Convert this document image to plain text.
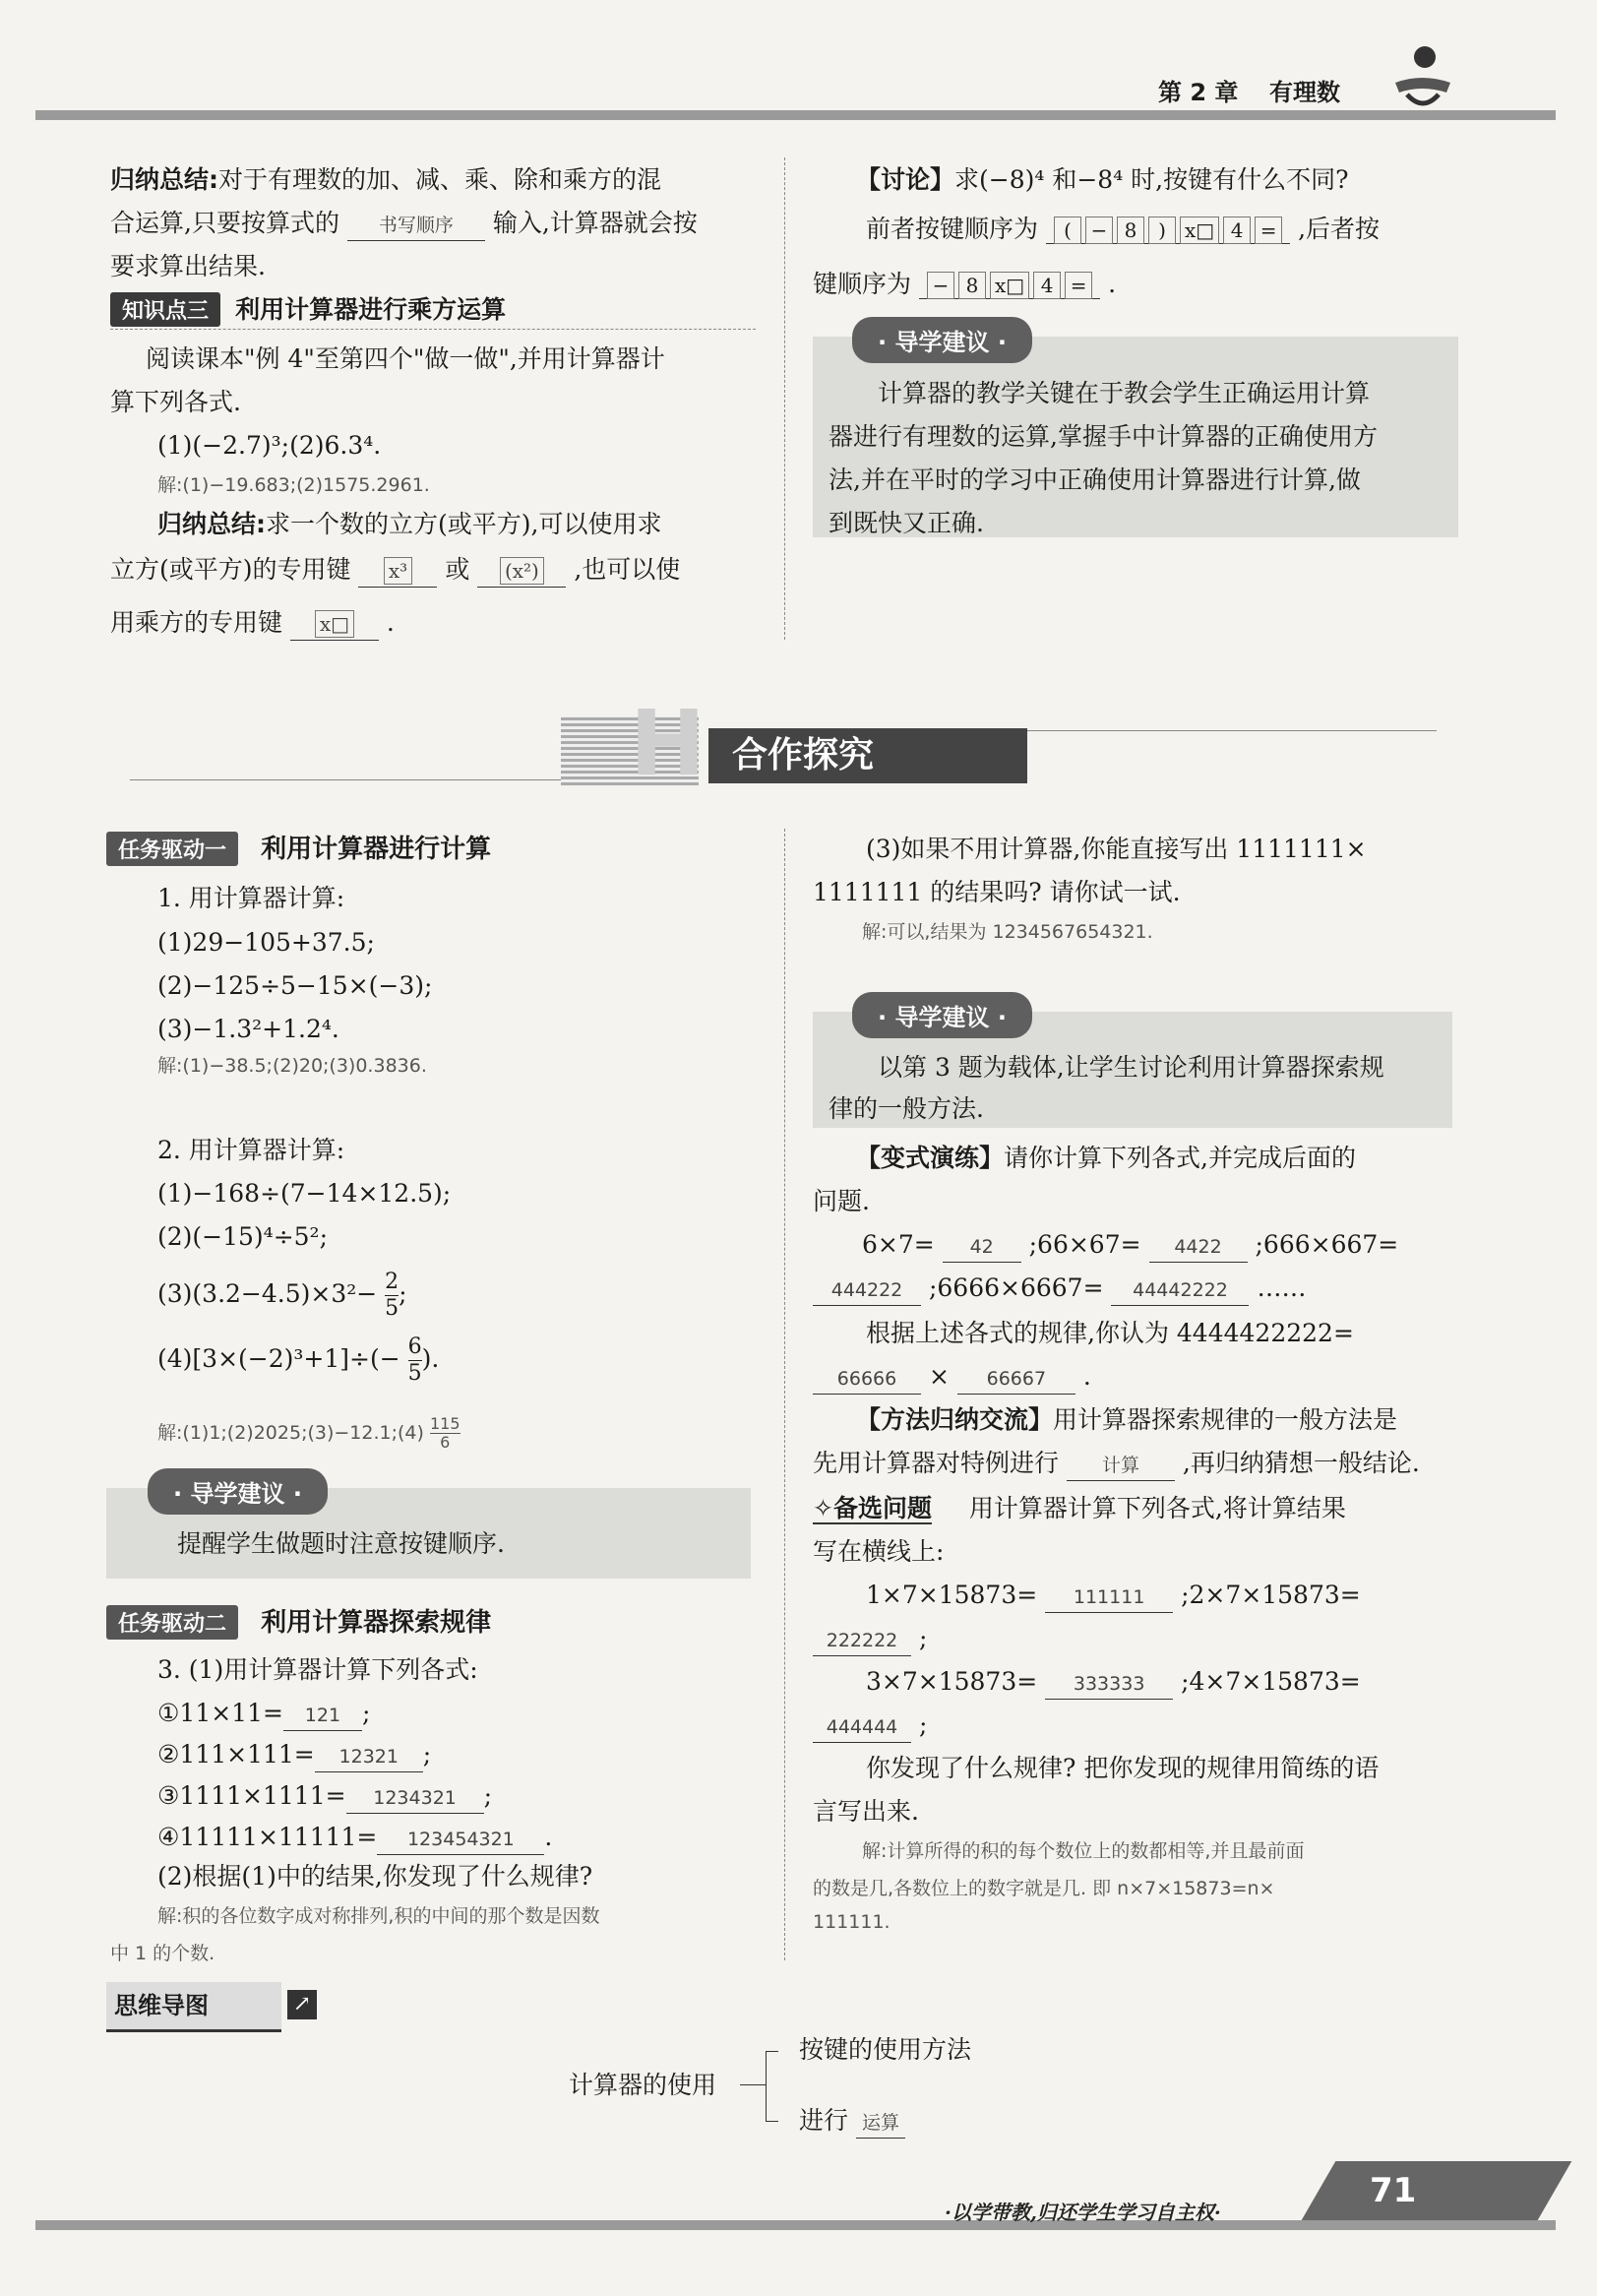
第 2 章 有理数
归纳总结:对于有理数的加、减、乘、除和乘方的混
合运算,只要按算式的 书写顺序 输入,计算器就会按
要求算出结果.
知识点三 利用计算器进行乘方运算
阅读课本"例 4"至第四个"做一做",并用计算器计
算下列各式.
(1)(−2.7)³;(2)6.3⁴.
解:(1)−19.683;(2)1575.2961.
归纳总结:求一个数的立方(或平方),可以使用求
立方(或平方)的专用键 x³ 或 (x²) ,也可以使
用乘方的专用键 x□ .
【讨论】求(−8)⁴ 和−8⁴ 时,按键有什么不同?
前者按键顺序为 ( − 8 ) x□ 4 = ,后者按
键顺序为 − 8 x□ 4 = .
· 导学建议 ·
计算器的教学关键在于教会学生正确运用计算
器进行有理数的运算,掌握手中计算器的正确使用方
法,并在平时的学习中正确使用计算器进行计算,做
到既快又正确.
H 合作探究
任务驱动一 利用计算器进行计算
1. 用计算器计算:
(1)29−105+37.5;
(2)−125÷5−15×(−3);
(3)−1.3²+1.2⁴.
解:(1)−38.5;(2)20;(3)0.3836.
2. 用计算器计算:
(1)−168÷(7−14×12.5);
(2)(−15)⁴÷5²;
$(3)(3.2-4.5)\times 3^2- \frac{2}{5}$ ;
$(4)[3\times(-2)^3+1]\div(- \frac{6}{5}$ ).
解:(1)1;(2)2025;(3)−12.1;(4) $\frac{115}{6}$
· 导学建议 ·
提醒学生做题时注意按键顺序.
任务驱动二 利用计算器探索规律
3. (1)用计算器计算下列各式:
①11×11= 121 ;
②111×111= 12321 ;
③1111×1111= 1234321 ;
④11111×11111= 123454321 .
(2)根据(1)中的结果,你发现了什么规律?
解:积的各位数字成对称排列,积的中间的那个数是因数
中 1 的个数.
(3)如果不用计算器,你能直接写出 1111111×
1111111 的结果吗? 请你试一试.
解:可以,结果为 1234567654321.
· 导学建议 ·
以第 3 题为载体,让学生讨论利用计算器探索规
律的一般方法.
【变式演练】请你计算下列各式,并完成后面的
问题.
6×7= 42 ;66×67= 4422 ;666×667=
444222 ;6666×6667= 44442222 ……
根据上述各式的规律,你认为 4444422222=
66666 × 66667 .
【方法归纳交流】用计算器探索规律的一般方法是
先用计算器对特例进行 计算 ,再归纳猜想一般结论.
✧备选问题 用计算器计算下列各式,将计算结果
写在横线上:
1×7×15873= 111111 ;2×7×15873=
222222 ;
3×7×15873= 333333 ;4×7×15873=
444444 ;
你发现了什么规律? 把你发现的规律用简练的语
言写出来.
解:计算所得的积的每个数位上的数都相等,并且最前面
的数是几,各数位上的数字就是几. 即 n×7×15873=n×
111111.
思维导图	↗
计算器的使用
按键的使用方法
进行 运算
71
·以学带教,归还学生学习自主权·
